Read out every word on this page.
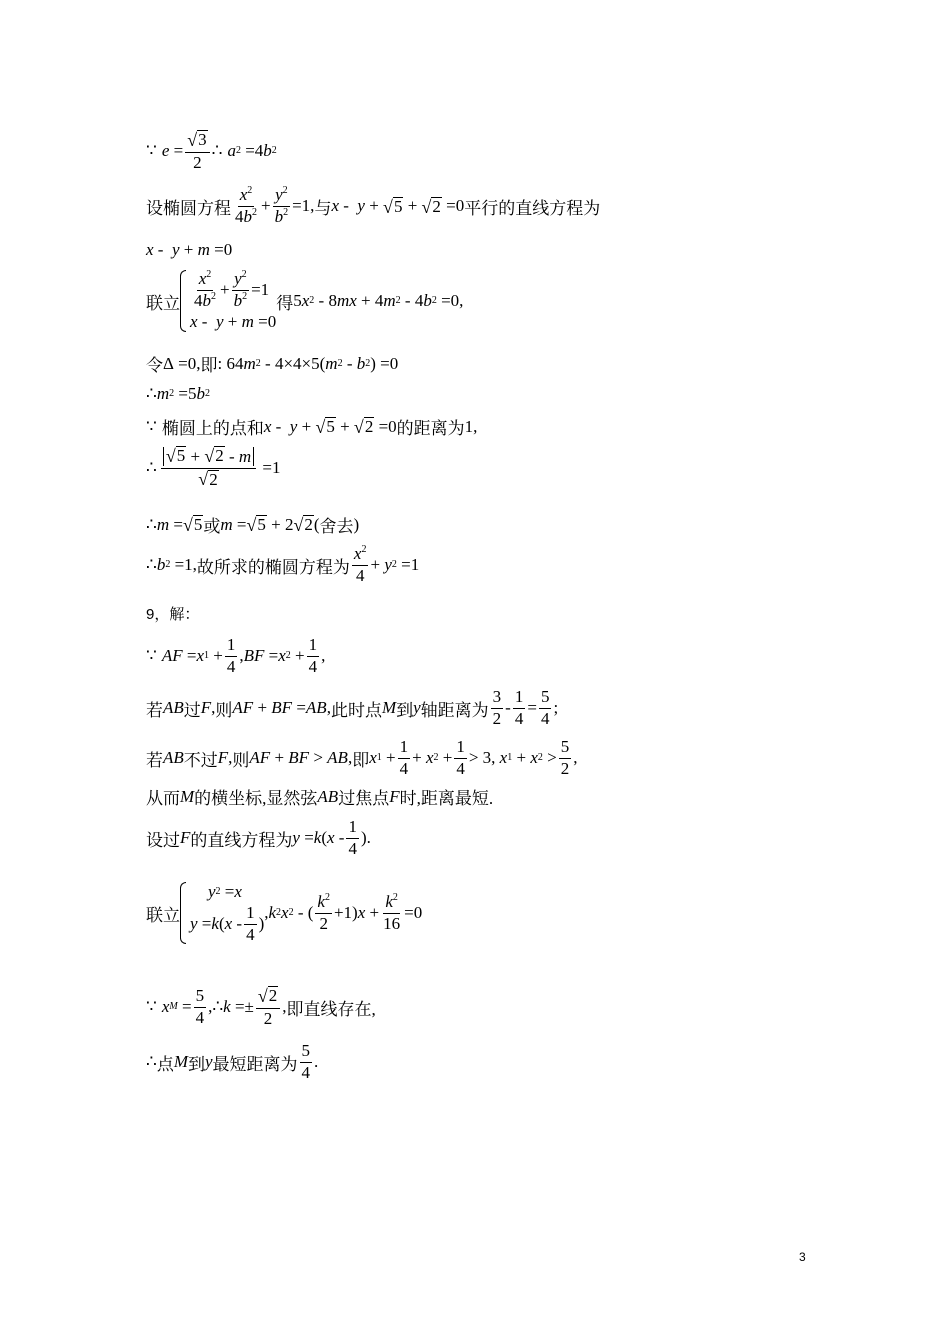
∵ $e = \frac{√ 3}{2}$ ∴ a 2 =4 b 2
设椭圆方程 $\frac{x^2}{4b^2} + \frac{y^2}{b^2} =1$, 与 x - y + √ 5 + √ 2 =0 平行的直线方程为
x - y + m =0
联立 $\frac{x^2}{4b^2} + \frac{y^2}{b^2} =1$
x - y + m =0
得 5 x 2 - 8 mx + 4 m 2 - 4 b 2 =0,
令 Δ =0, 即 : 64 m 2 - 4×4×5( m 2 - b 2 ) =0
∴ m 2 =5 b 2
∵ 椭圆上的点和 x - y + √ 5 + √ 2 =0 的距离为 1,
∴ $\frac{√ 5 + √ 2 - m}{√ 2} =1$
∴ m = √ 5 或 m = √ 5 + 2 √ 2 ( 舍去 )
∴ b 2 =1, 故所求的椭圆方程为 $\frac{x^2}{4} + y$ 2 =1
9，解：
∵ AF = x $1 + \frac{1}{4}$ , BF = x $2 + \frac{1}{4}$ ,
若 AB 过 F , 则 AF + BF = AB , 此时点 M 到 y 轴距离为 $\frac{3}{2} - \frac{1}{4} = \frac{5}{4}$ ;
若 AB 不过 F , 则 AF + BF > AB , 即 x $1 + \frac{1}{4} + x$ $2 + \frac{1}{4} > 3$, x 1 + x $2 > \frac{5}{2}$ ,
从而 M 的横坐标,显然弦 AB 过焦点 F 时,距离最短.
设过 F 的直线方程为 y = k ( x - $\frac{1}{4}$ ).
联立
y 2 = x
y = k ( x - $\frac{1}{4}$ )
, k 2 x 2 - ( $\frac{k^2}{2} +1$) $x + \frac{k^2}{16} =0$
∵ x $M = \frac{5}{4}$ , ∴ $k =\pm \frac{√ 2}{2}$ , 即直线存在,
∴ 点 M 到 y 最短距离为 $\frac{5}{4}$ .
3
